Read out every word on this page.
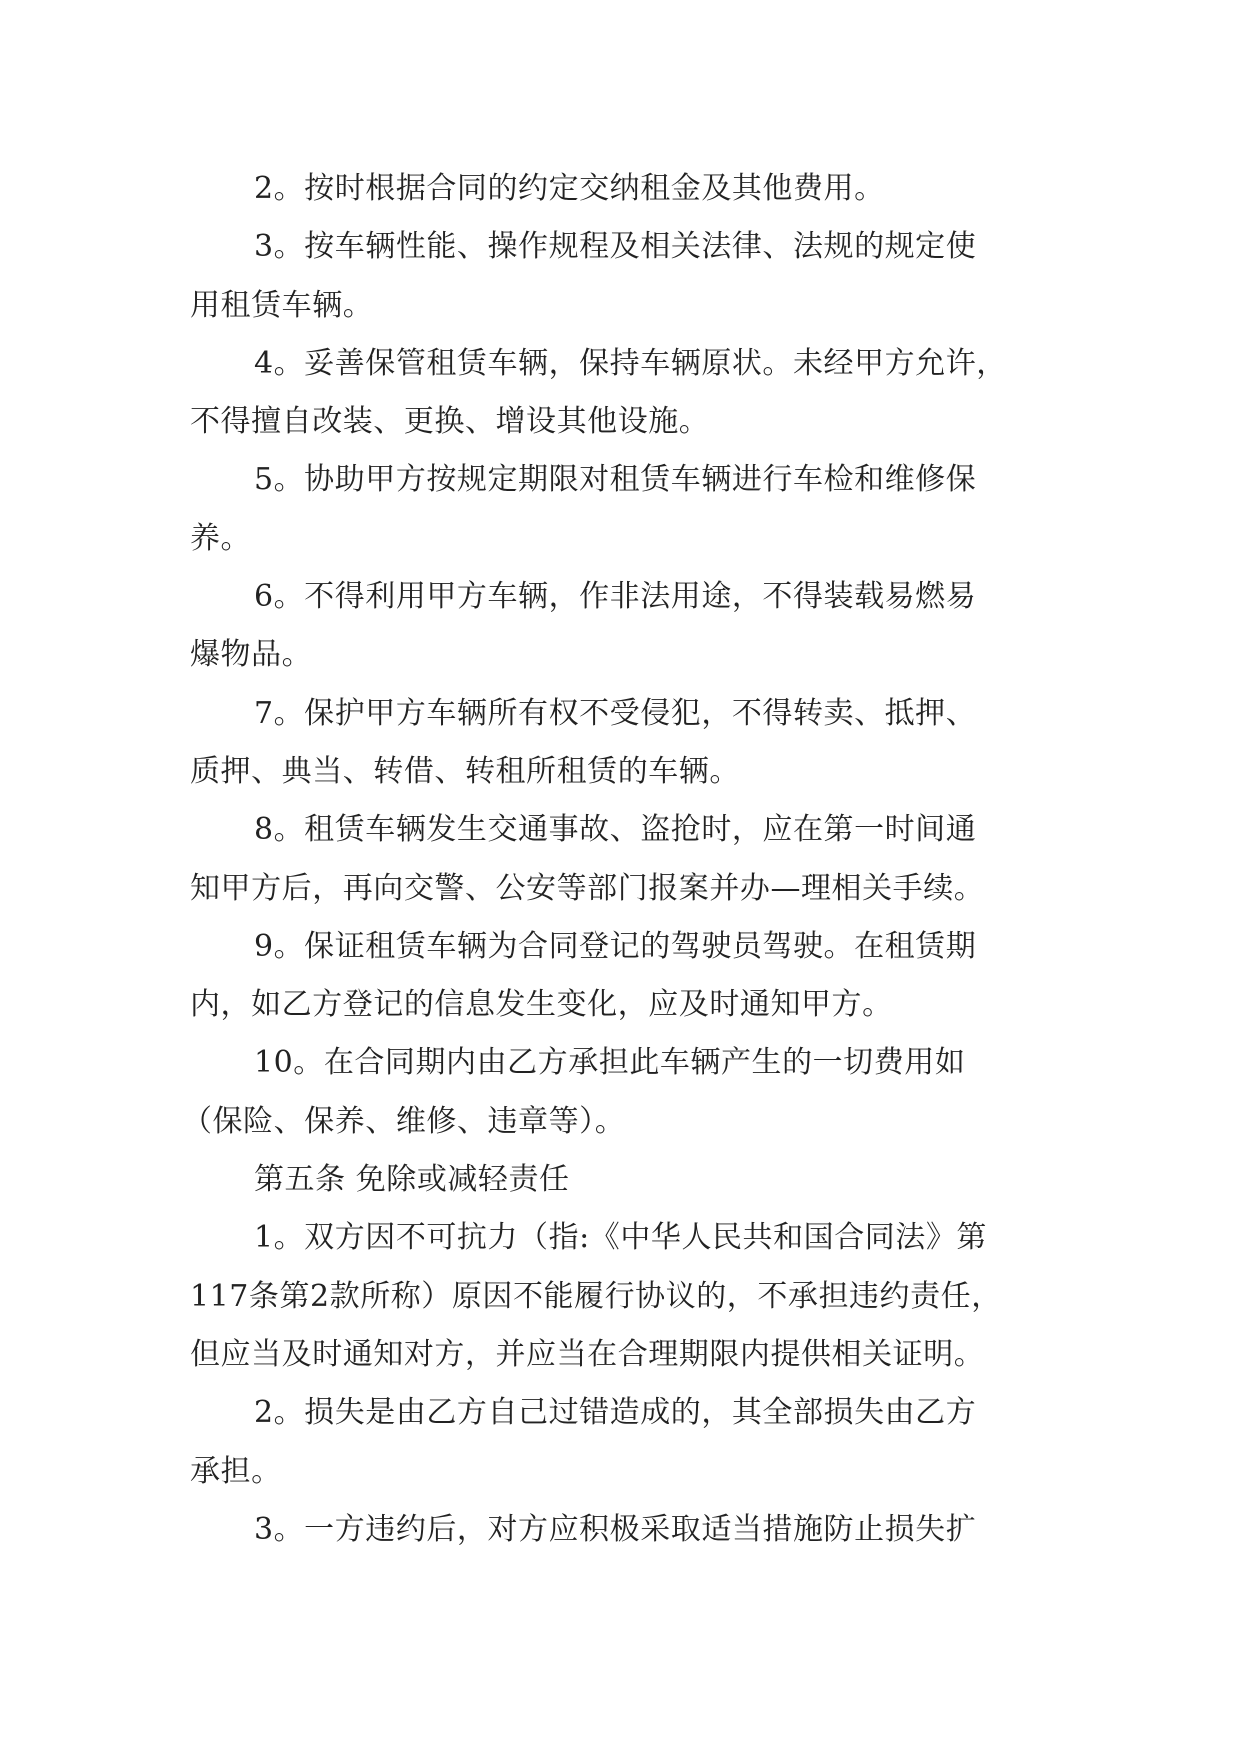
2。按时根据合同的约定交纳租金及其他费用。
3。按车辆性能、操作规程及相关法律、法规的规定使
用租赁车辆。
4。妥善保管租赁车辆，保持车辆原状。未经甲方允许，
不得擅自改装、更换、增设其他设施。
5。协助甲方按规定期限对租赁车辆进行车检和维修保
养。
6。不得利用甲方车辆，作非法用途，不得装载易燃易
爆物品。
7。保护甲方车辆所有权不受侵犯，不得转卖、抵押、
质押、典当、转借、转租所租赁的车辆。
8。租赁车辆发生交通事故、盗抢时，应在第一时间通
知甲方后，再向交警、公安等部门报案并办—理相关手续。
9。保证租赁车辆为合同登记的驾驶员驾驶。在租赁期
内，如乙方登记的信息发生变化，应及时通知甲方。
10。在合同期内由乙方承担此车辆产生的一切费用如
（保险、保养、维修、违章等）。
第五条 免除或减轻责任
1。双方因不可抗力（指:《中华人民共和国合同法》第
117条第2款所称）原因不能履行协议的，不承担违约责任，
但应当及时通知对方，并应当在合理期限内提供相关证明。
2。损失是由乙方自己过错造成的，其全部损失由乙方
承担。
3。一方违约后，对方应积极采取适当措施防止损失扩
